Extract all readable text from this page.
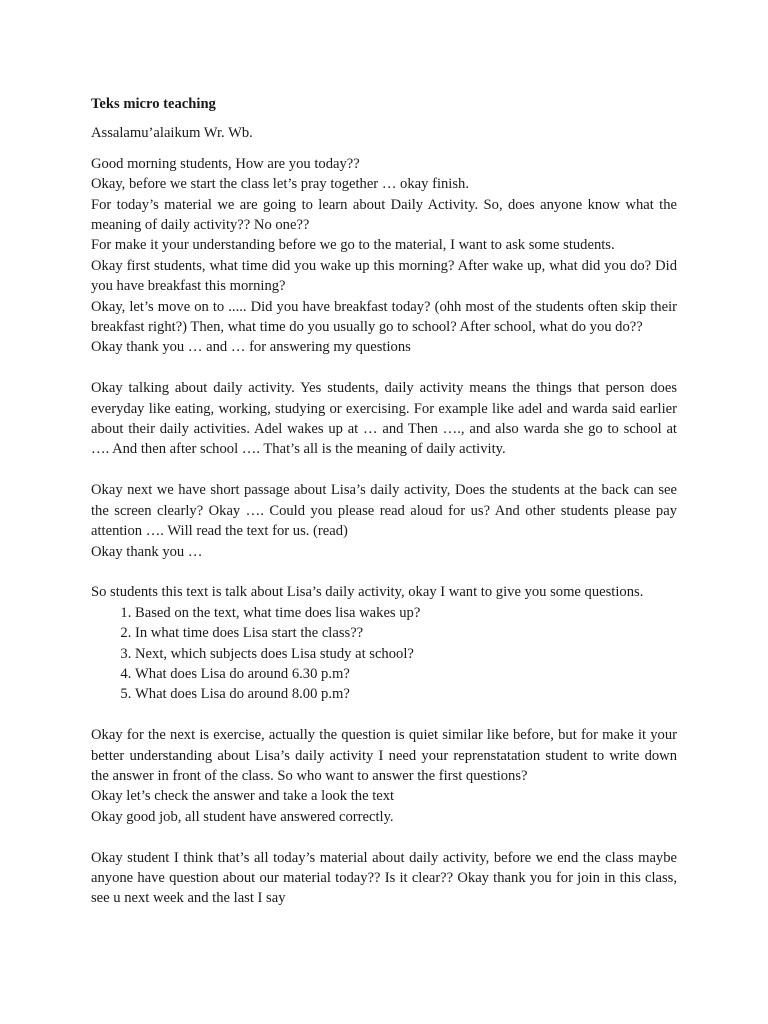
Teks micro teaching

Assalamu’alaikum Wr. Wb.

Good morning students, How are you today??

Okay, before we start the class let’s pray together … okay finish.

For today’s material we are going to learn about Daily Activity. So, does anyone know what the meaning of daily activity?? No one??

For make it your understanding before we go to the material, I want to ask some students.

Okay first students, what time did you wake up this morning? After wake up, what did you do? Did you have breakfast this morning?

Okay, let’s move on to ..... Did you have breakfast today? (ohh most of the students often skip their breakfast right?) Then, what time do you usually go to school? After school, what do you do??

Okay thank you … and … for answering my questions

Okay talking about daily activity. Yes students, daily activity means the things that person does everyday like eating, working, studying or exercising. For example like adel and warda said earlier about their daily activities. Adel wakes up at … and Then …., and also warda she go to school at …. And then after school …. That’s all is the meaning of daily activity.

Okay next we have short passage about Lisa’s daily activity, Does the students at the back can see the screen clearly? Okay …. Could you please read aloud for us? And other students please pay attention …. Will read the text for us. (read)

Okay thank you …

So students this text is talk about Lisa’s daily activity, okay I want to give you some questions.

1. Based on the text, what time does lisa wakes up?
2. In what time does Lisa start the class??
3. Next, which subjects does Lisa study at school?
4. What does Lisa do around 6.30 p.m?
5. What does Lisa do around 8.00 p.m?

Okay for the next is exercise, actually the question is quiet similar like before, but for make it your better understanding about Lisa’s daily activity I need your reprenstatation student to write down the answer in front of the class. So who want to answer the first questions?

Okay let’s check the answer and take a look the text

Okay good job, all student have answered correctly.

Okay student I think that’s all today’s material about daily activity, before we end the class maybe anyone have question about our material today?? Is it clear?? Okay thank you for join in this class, see u next week and the last I say
